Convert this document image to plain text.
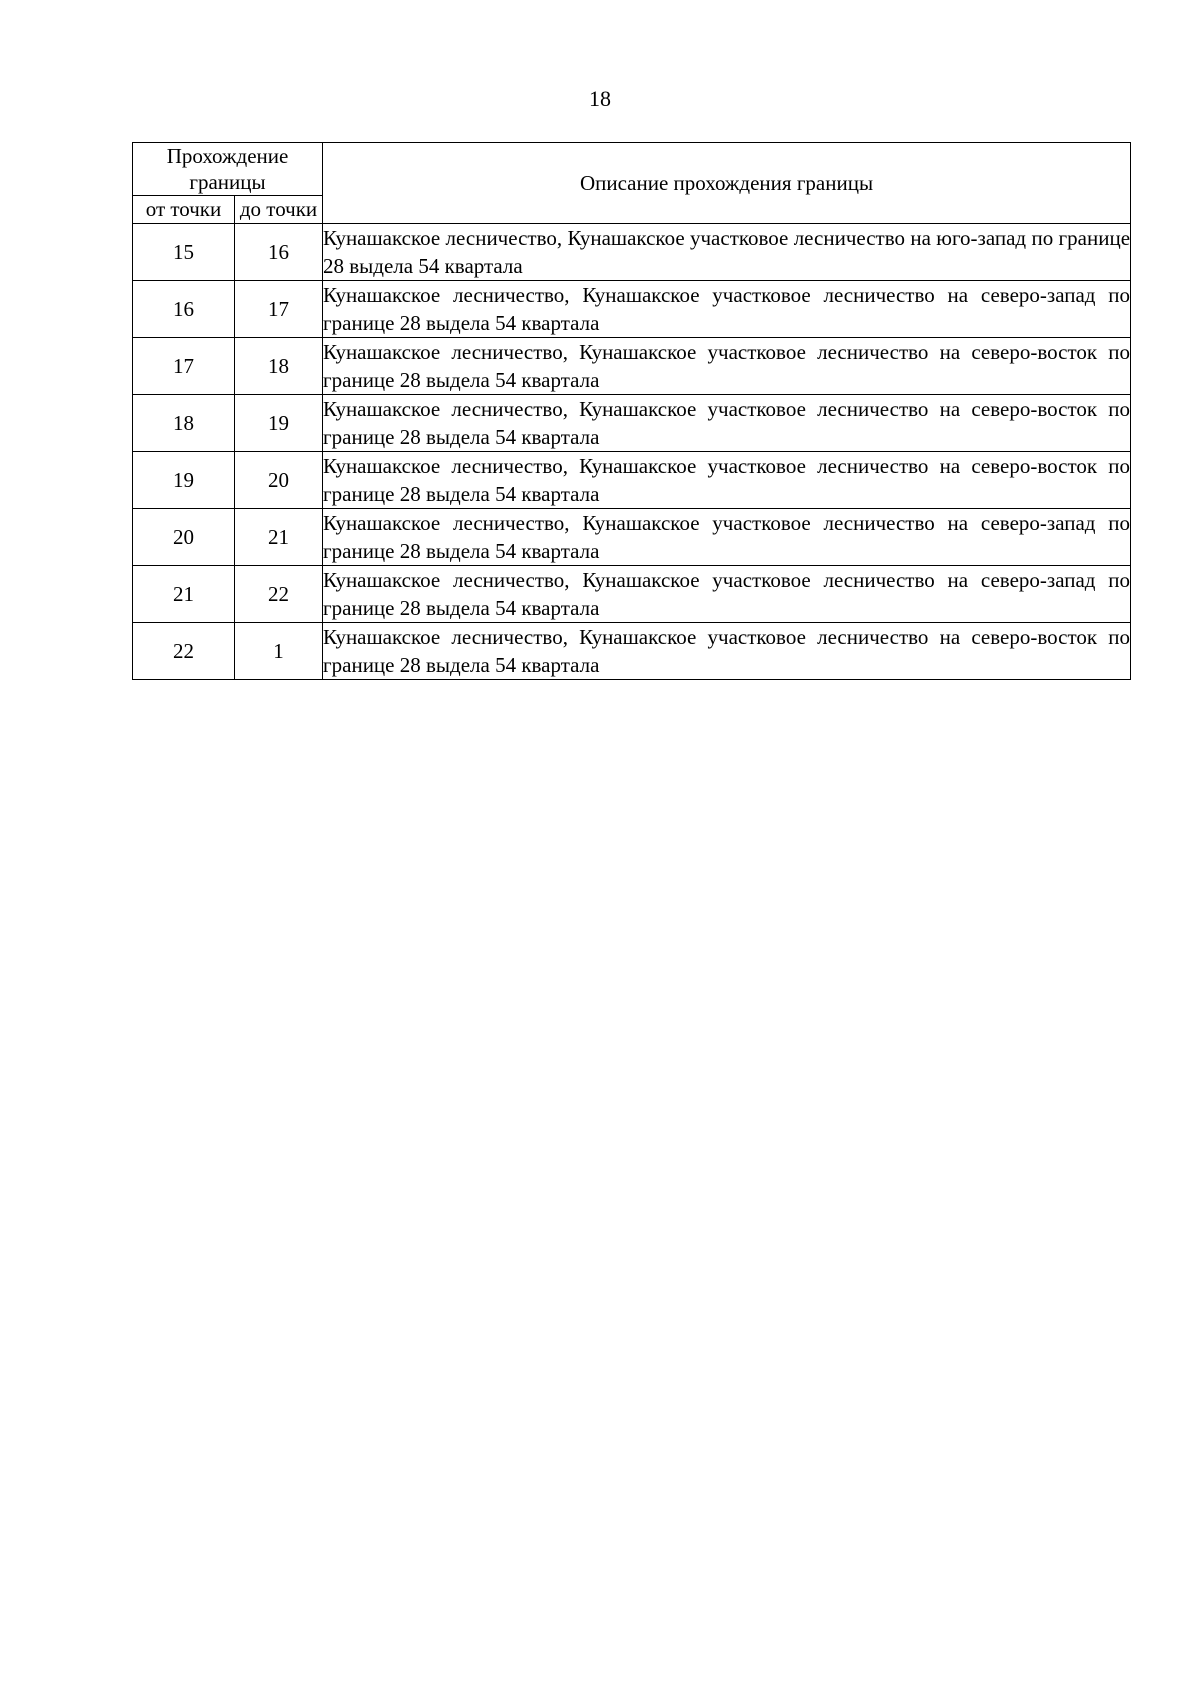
18
Прохождение границы		Описание прохождения границы
от точки	до точки	
15	16	Кунашакское лесничество, Кунашакское участковое лесничество на юго-запад по границе 28 выдела 54 квартала
16	17	Кунашакское лесничество, Кунашакское участковое лесничество на северо-запад по границе 28 выдела 54 квартала
17	18	Кунашакское лесничество, Кунашакское участковое лесничество на северо-восток по границе 28 выдела 54 квартала
18	19	Кунашакское лесничество, Кунашакское участковое лесничество на северо-восток по границе 28 выдела 54 квартала
19	20	Кунашакское лесничество, Кунашакское участковое лесничество на северо-восток по границе 28 выдела 54 квартала
20	21	Кунашакское лесничество, Кунашакское участковое лесничество на северо-запад по границе 28 выдела 54 квартала
21	22	Кунашакское лесничество, Кунашакское участковое лесничество на северо-запад по границе 28 выдела 54 квартала
22	1	Кунашакское лесничество, Кунашакское участковое лесничество на северо-восток по границе 28 выдела 54 квартала
